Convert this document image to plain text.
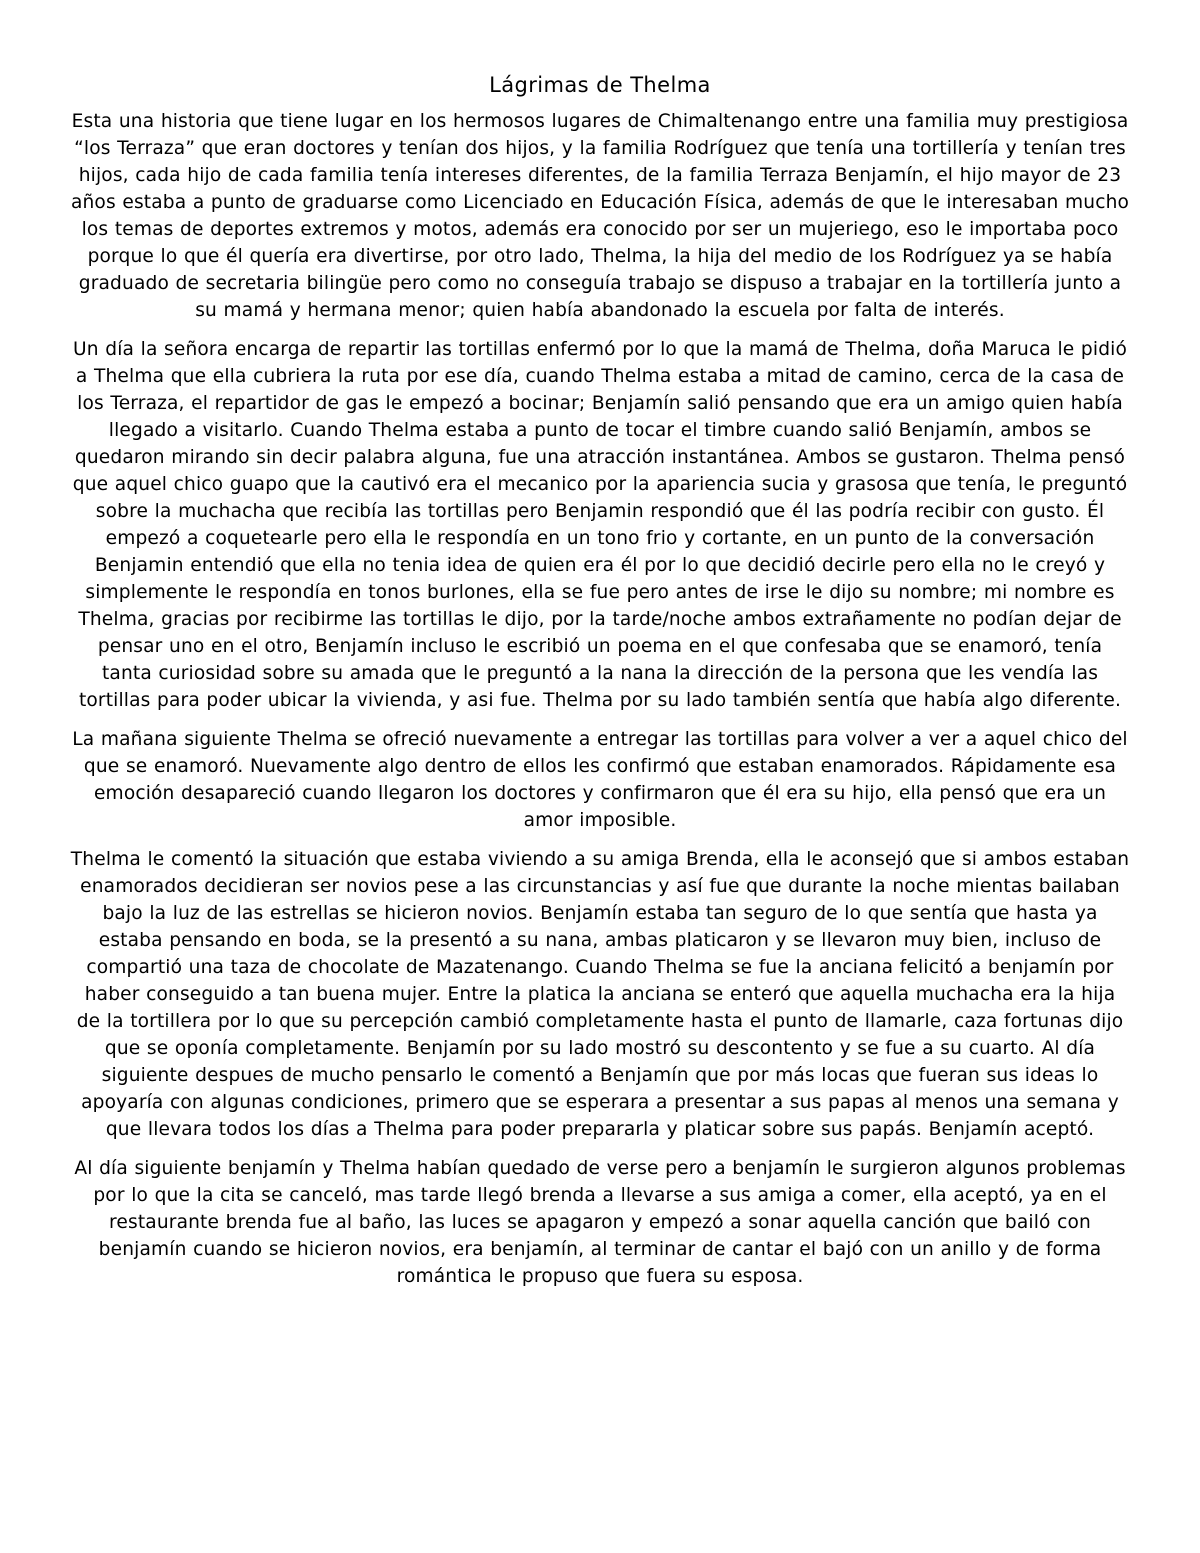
Lágrimas de Thelma

Esta una historia que tiene lugar en los hermosos lugares de Chimaltenango entre una familia muy prestigiosa “los Terraza” que eran doctores y tenían dos hijos, y la familia Rodríguez que tenía una tortillería y tenían tres hijos, cada hijo de cada familia tenía intereses diferentes, de la familia Terraza Benjamín, el hijo mayor de 23 años estaba a punto de graduarse como Licenciado en Educación Física, además de que le interesaban mucho los temas de deportes extremos y motos, además era conocido por ser un mujeriego, eso le importaba poco porque lo que él quería era divertirse, por otro lado, Thelma, la hija del medio de los Rodríguez ya se había graduado de secretaria bilingüe pero como no conseguía trabajo se dispuso a trabajar en la tortillería junto a su mamá y hermana menor; quien había abandonado la escuela por falta de interés.

Un día la señora encarga de repartir las tortillas enfermó por lo que la mamá de Thelma, doña Maruca le pidió a Thelma que ella cubriera la ruta por ese día, cuando Thelma estaba a mitad de camino, cerca de la casa de los Terraza, el repartidor de gas le empezó a bocinar; Benjamín salió pensando que era un amigo quien había llegado a visitarlo. Cuando Thelma estaba a punto de tocar el timbre cuando salió Benjamín, ambos se quedaron mirando sin decir palabra alguna, fue una atracción instantánea. Ambos se gustaron. Thelma pensó que aquel chico guapo que la cautivó era el mecanico por la apariencia sucia y grasosa que tenía, le preguntó sobre la muchacha que recibía las tortillas pero Benjamin respondió que él las podría recibir con gusto. Él empezó a coquetearle pero ella le respondía en un tono frio y cortante, en un punto de la conversación Benjamin entendió que ella no tenia idea de quien era él por lo que decidió decirle pero ella no le creyó y simplemente le respondía en tonos burlones, ella se fue pero antes de irse le dijo su nombre; mi nombre es Thelma, gracias por recibirme las tortillas le dijo, por la tarde/noche ambos extrañamente no podían dejar de pensar uno en el otro, Benjamín incluso le escribió un poema en el que confesaba que se enamoró, tenía tanta curiosidad sobre su amada que le preguntó a la nana la dirección de la persona que les vendía las tortillas para poder ubicar la vivienda, y asi fue. Thelma por su lado también sentía que había algo diferente.

La mañana siguiente Thelma se ofreció nuevamente a entregar las tortillas para volver a ver a aquel chico del que se enamoró. Nuevamente algo dentro de ellos les confirmó que estaban enamorados. Rápidamente esa emoción desapareció cuando llegaron los doctores y confirmaron que él era su hijo, ella pensó que era un amor imposible.

Thelma le comentó la situación que estaba viviendo a su amiga Brenda, ella le aconsejó que si ambos estaban enamorados decidieran ser novios pese a las circunstancias y así fue que durante la noche mientas bailaban bajo la luz de las estrellas se hicieron novios. Benjamín estaba tan seguro de lo que sentía que hasta ya estaba pensando en boda, se la presentó a su nana, ambas platicaron y se llevaron muy bien, incluso de compartió una taza de chocolate de Mazatenango. Cuando Thelma se fue la anciana felicitó a benjamín por haber conseguido a tan buena mujer. Entre la platica la anciana se enteró que aquella muchacha era la hija de la tortillera por lo que su percepción cambió completamente hasta el punto de llamarle, caza fortunas dijo que se oponía completamente. Benjamín por su lado mostró su descontento y se fue a su cuarto. Al día siguiente despues de mucho pensarlo le comentó a Benjamín que por más locas que fueran sus ideas lo apoyaría con algunas condiciones, primero que se esperara a presentar a sus papas al menos una semana y que llevara todos los días a Thelma para poder prepararla y platicar sobre sus papás. Benjamín aceptó.

Al día siguiente benjamín y Thelma habían quedado de verse pero a benjamín le surgieron algunos problemas por lo que la cita se canceló, mas tarde llegó brenda a llevarse a sus amiga a comer, ella aceptó, ya en el restaurante brenda fue al baño, las luces se apagaron y empezó a sonar aquella canción que bailó con benjamín cuando se hicieron novios, era benjamín, al terminar de cantar el bajó con un anillo y de forma romántica le propuso que fuera su esposa.
